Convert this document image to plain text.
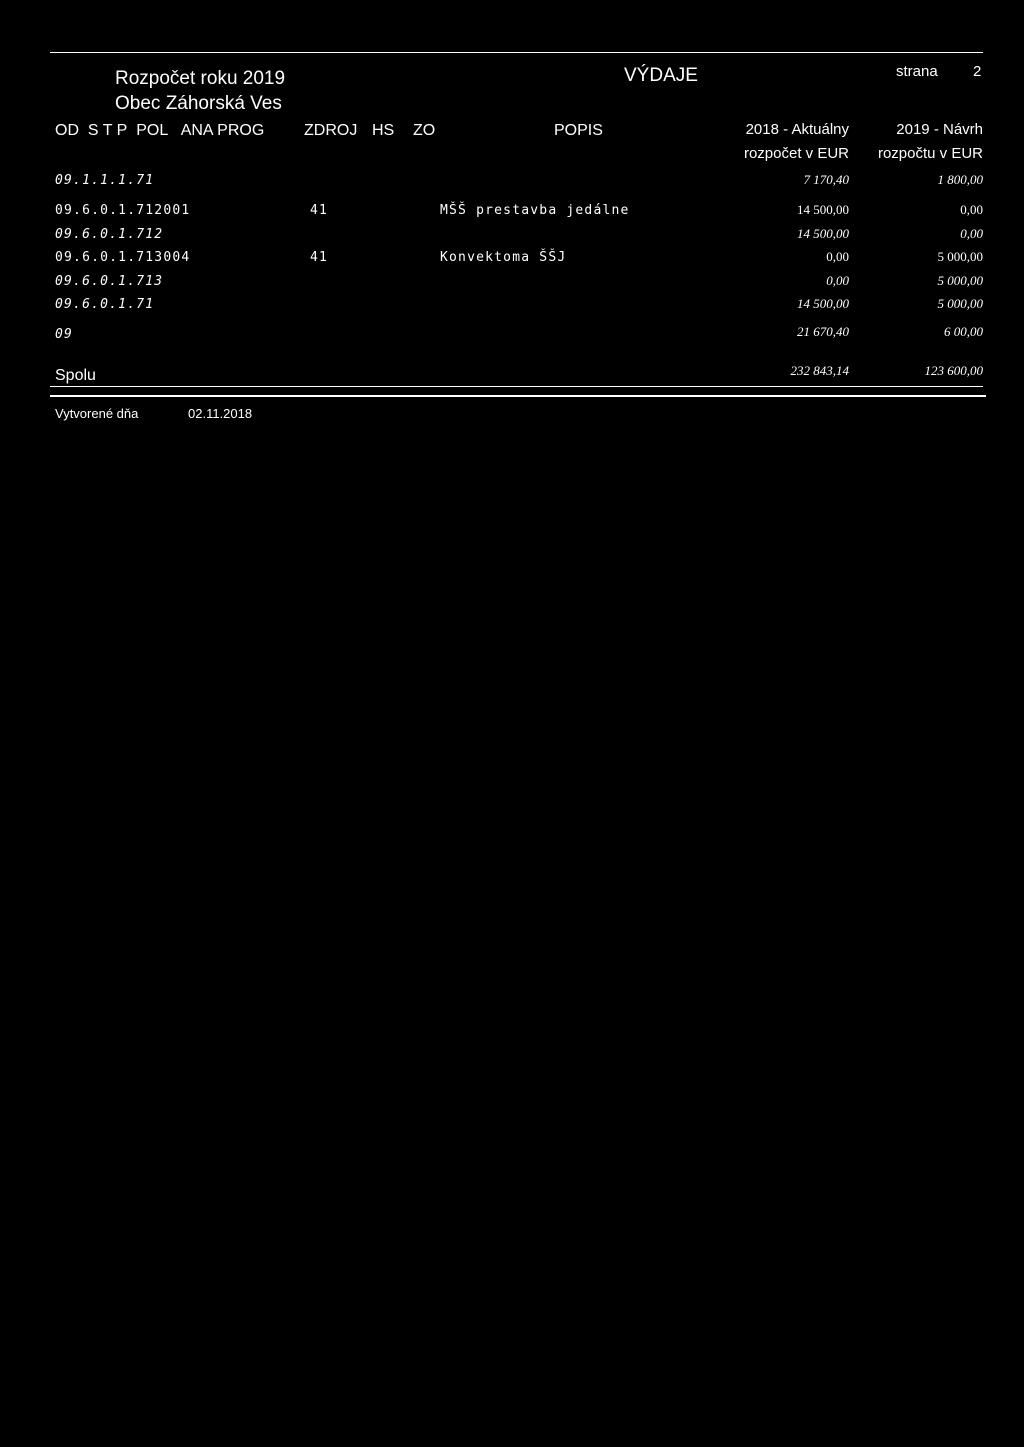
Rozpočet roku 2019
Obec Záhorská Ves
VÝDAJE	strana 2
OD S T P POL ANA PROG ZDROJ HS ZO	POPIS	2018 - Aktuálny
rozpočet v EUR
2019 - Návrh
rozpočtu v EUR
09.1.1.1.71	7 170,40	1 800,00
09.6.0.1.712001	41	MŠŠ prestavba jedálne	14 500,00	0,00
09.6.0.1.712	14 500,00	0,00
09.6.0.1.713004	41	Konvektoma ŠŠJ	0,00	5 000,00
09.6.0.1.713	0,00	5 000,00
09.6.0.1.71	14 500,00	5 000,00
09	21 670,40	6 00,00
Spolu	232 843,14	123 600,00
Vytvorené dňa	02.11.2018
